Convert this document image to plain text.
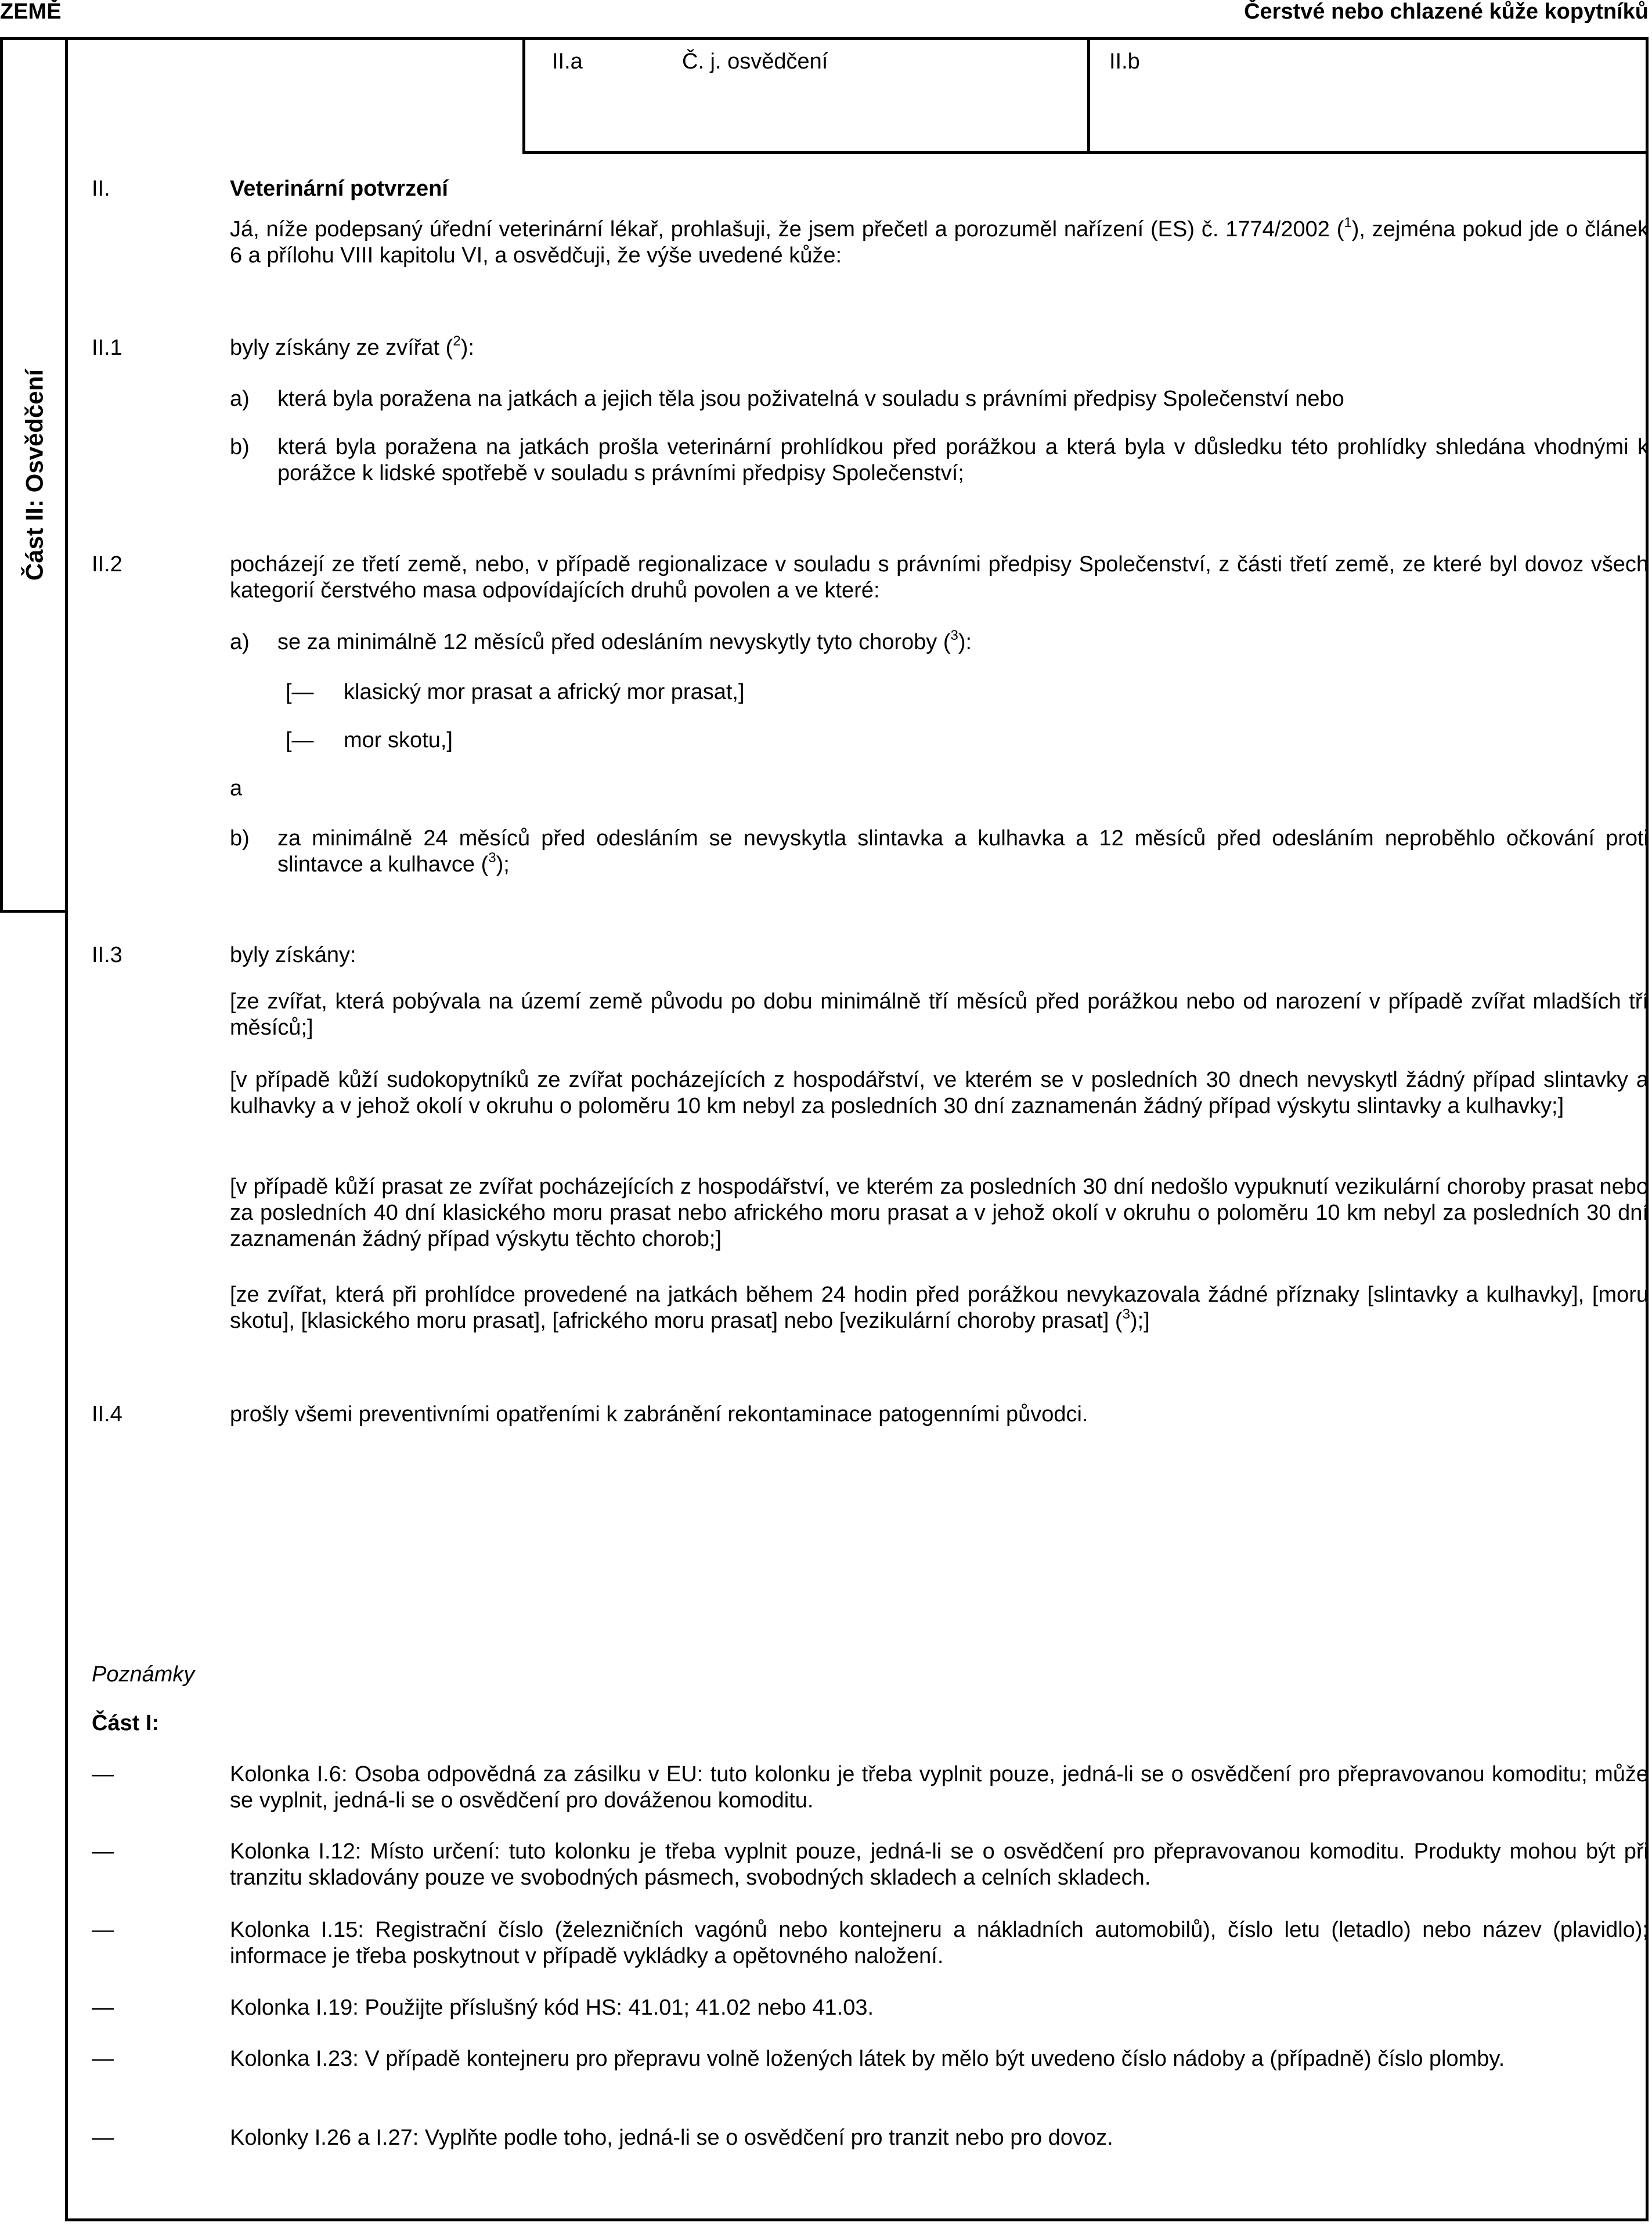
ZEMĚ	Čerstvé nebo chlazené kůže kopytníků
Část II: Osvědčení
II.a	Č. j. osvědčení	II.b
II.	Veterinární potvrzení
Já, níže podepsaný úřední veterinární lékař, prohlašuji, že jsem přečetl a porozuměl nařízení (ES) č. 1774/2002 ($^1$), zejména pokud jde o článek 6 a přílohu VIII kapitolu VI, a osvědčuji, že výše uvedené kůže:
II.1	byly získány ze zvířat ($^2$):
a) která byla poražena na jatkách a jejich těla jsou poživatelná v souladu s právními předpisy Společenství nebo
b) která byla poražena na jatkách prošla veterinární prohlídkou před porážkou a která byla v důsledku této prohlídky shledána vhodnými k porážce k lidské spotřebě v souladu s právními předpisy Společenství;
II.2	pocházejí ze třetí země, nebo, v případě regionalizace v souladu s právními předpisy Společenství, z části třetí země, ze které byl dovoz všech kategorií čerstvého masa odpovídajících druhů povolen a ve které:
a) se za minimálně 12 měsíců před odesláním nevyskytly tyto choroby ($^3$):
[— klasický mor prasat a africký mor prasat,]
[— mor skotu,]
a
b) za minimálně 24 měsíců před odesláním se nevyskytla slintavka a kulhavka a 12 měsíců před odesláním neproběhlo očkování proti slintavce a kulhavce ($^3$);
II.3	byly získány:
[ze zvířat, která pobývala na území země původu po dobu minimálně tří měsíců před porážkou nebo od narození v případě zvířat mladších tří měsíců;]
[v případě kůží sudokopytníků ze zvířat pocházejících z hospodářství, ve kterém se v posledních 30 dnech nevyskytl žádný případ slintavky a kulhavky a v jehož okolí v okruhu o poloměru 10 km nebyl za posledních 30 dní zaznamenán žádný případ výskytu slintavky a kulhavky;]
[v případě kůží prasat ze zvířat pocházejících z hospodářství, ve kterém za posledních 30 dní nedošlo vypuknutí vezikulární choroby prasat nebo za posledních 40 dní klasického moru prasat nebo afrického moru prasat a v jehož okolí v okruhu o poloměru 10 km nebyl za posledních 30 dní zaznamenán žádný případ výskytu těchto chorob;]
[ze zvířat, která při prohlídce provedené na jatkách během 24 hodin před porážkou nevykazovala žádné příznaky [slintavky a kulhavky], [moru skotu], [klasického moru prasat], [afrického moru prasat] nebo [vezikulární choroby prasat] ($^3$);]
II.4	prošly všemi preventivními opatřeními k zabránění rekontaminace patogenními původci.
Poznámky
Část I:
—	Kolonka I.6: Osoba odpovědná za zásilku v EU: tuto kolonku je třeba vyplnit pouze, jedná-li se o osvědčení pro přepravovanou komoditu; může se vyplnit, jedná-li se o osvědčení pro dováženou komoditu.
—	Kolonka I.12: Místo určení: tuto kolonku je třeba vyplnit pouze, jedná-li se o osvědčení pro přepravovanou komoditu. Produkty mohou být při tranzitu skladovány pouze ve svobodných pásmech, svobodných skladech a celních skladech.
—	Kolonka I.15: Registrační číslo (železničních vagónů nebo kontejneru a nákladních automobilů), číslo letu (letadlo) nebo název (plavidlo); informace je třeba poskytnout v případě vykládky a opětovného naložení.
—	Kolonka I.19: Použijte příslušný kód HS: 41.01; 41.02 nebo 41.03.
—	Kolonka I.23: V případě kontejneru pro přepravu volně ložených látek by mělo být uvedeno číslo nádoby a (případně) číslo plomby.
—	Kolonky I.26 a I.27: Vyplňte podle toho, jedná-li se o osvědčení pro tranzit nebo pro dovoz.
